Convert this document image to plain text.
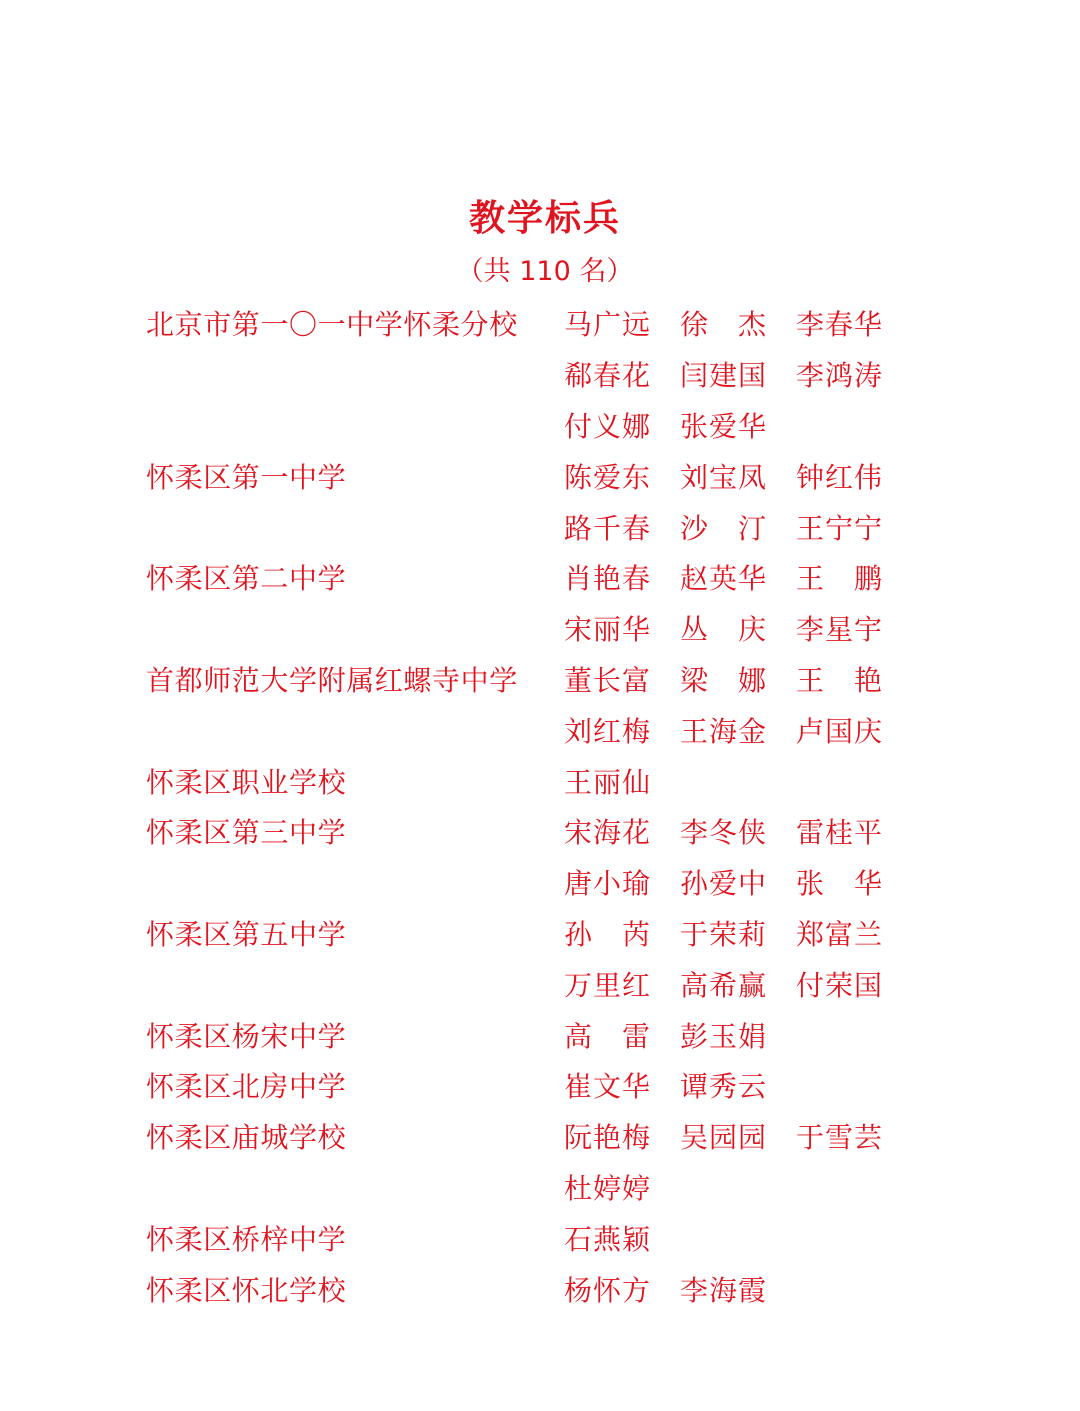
教学标兵
（共 110 名）
北京市第一〇一中学怀柔分校	马广远 徐　杰 李春华
郗春花 闫建国 李鸿涛
付义娜 张爱华
怀柔区第一中学	陈爱东 刘宝凤 钟红伟
路千春 沙　汀 王宁宁
怀柔区第二中学	肖艳春 赵英华 王　鹏
宋丽华 丛　庆 李星宇
首都师范大学附属红螺寺中学	董长富 梁　娜 王　艳
刘红梅 王海金 卢国庆
怀柔区职业学校	王丽仙
怀柔区第三中学	宋海花 李冬侠 雷桂平
唐小瑜 孙爱中 张　华
怀柔区第五中学	孙　芮 于荣莉 郑富兰
万里红 高希赢 付荣国
怀柔区杨宋中学	高　雷 彭玉娟
怀柔区北房中学	崔文华 谭秀云
怀柔区庙城学校	阮艳梅 吴园园 于雪芸
杜婷婷
怀柔区桥梓中学	石燕颖
怀柔区怀北学校	杨怀方 李海霞
